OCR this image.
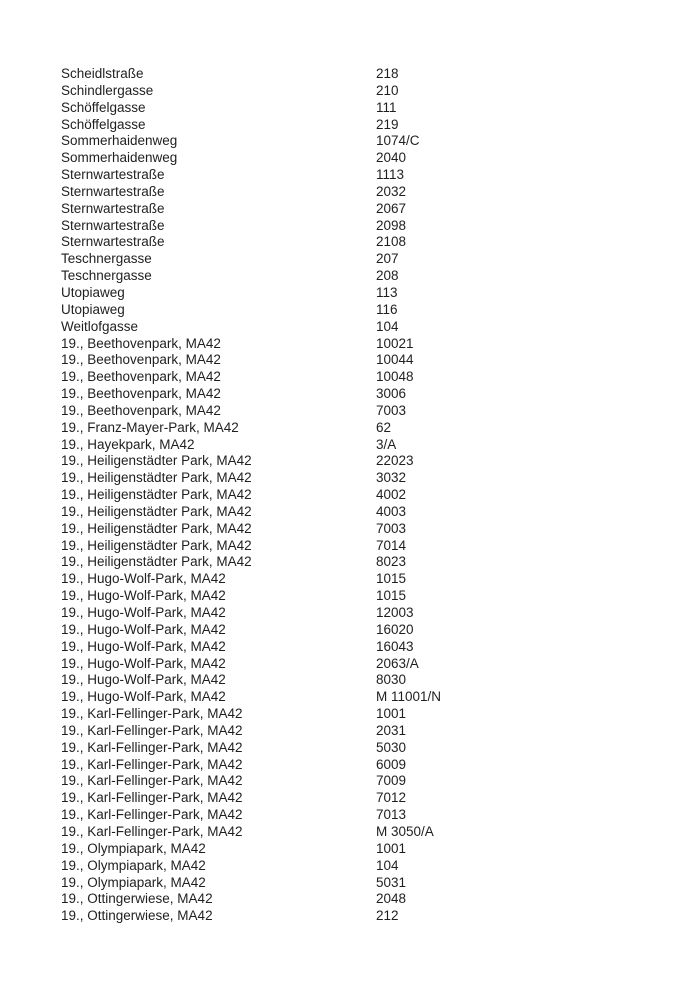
Scheidlstraße	218
Schindlergasse	210
Schöffelgasse	111
Schöffelgasse	219
Sommerhaidenweg	1074/C
Sommerhaidenweg	2040
Sternwartestraße	1113
Sternwartestraße	2032
Sternwartestraße	2067
Sternwartestraße	2098
Sternwartestraße	2108
Teschnergasse	207
Teschnergasse	208
Utopiaweg	113
Utopiaweg	116
Weitlofgasse	104
19., Beethovenpark, MA42	10021
19., Beethovenpark, MA42	10044
19., Beethovenpark, MA42	10048
19., Beethovenpark, MA42	3006
19., Beethovenpark, MA42	7003
19., Franz-Mayer-Park, MA42	62
19., Hayekpark, MA42	3/A
19., Heiligenstädter Park, MA42	22023
19., Heiligenstädter Park, MA42	3032
19., Heiligenstädter Park, MA42	4002
19., Heiligenstädter Park, MA42	4003
19., Heiligenstädter Park, MA42	7003
19., Heiligenstädter Park, MA42	7014
19., Heiligenstädter Park, MA42	8023
19., Hugo-Wolf-Park, MA42	1015
19., Hugo-Wolf-Park, MA42	1015
19., Hugo-Wolf-Park, MA42	12003
19., Hugo-Wolf-Park, MA42	16020
19., Hugo-Wolf-Park, MA42	16043
19., Hugo-Wolf-Park, MA42	2063/A
19., Hugo-Wolf-Park, MA42	8030
19., Hugo-Wolf-Park, MA42	M 11001/N
19., Karl-Fellinger-Park, MA42	1001
19., Karl-Fellinger-Park, MA42	2031
19., Karl-Fellinger-Park, MA42	5030
19., Karl-Fellinger-Park, MA42	6009
19., Karl-Fellinger-Park, MA42	7009
19., Karl-Fellinger-Park, MA42	7012
19., Karl-Fellinger-Park, MA42	7013
19., Karl-Fellinger-Park, MA42	M 3050/A
19., Olympiapark, MA42	1001
19., Olympiapark, MA42	104
19., Olympiapark, MA42	5031
19., Ottingerwiese, MA42	2048
19., Ottingerwiese, MA42	212
